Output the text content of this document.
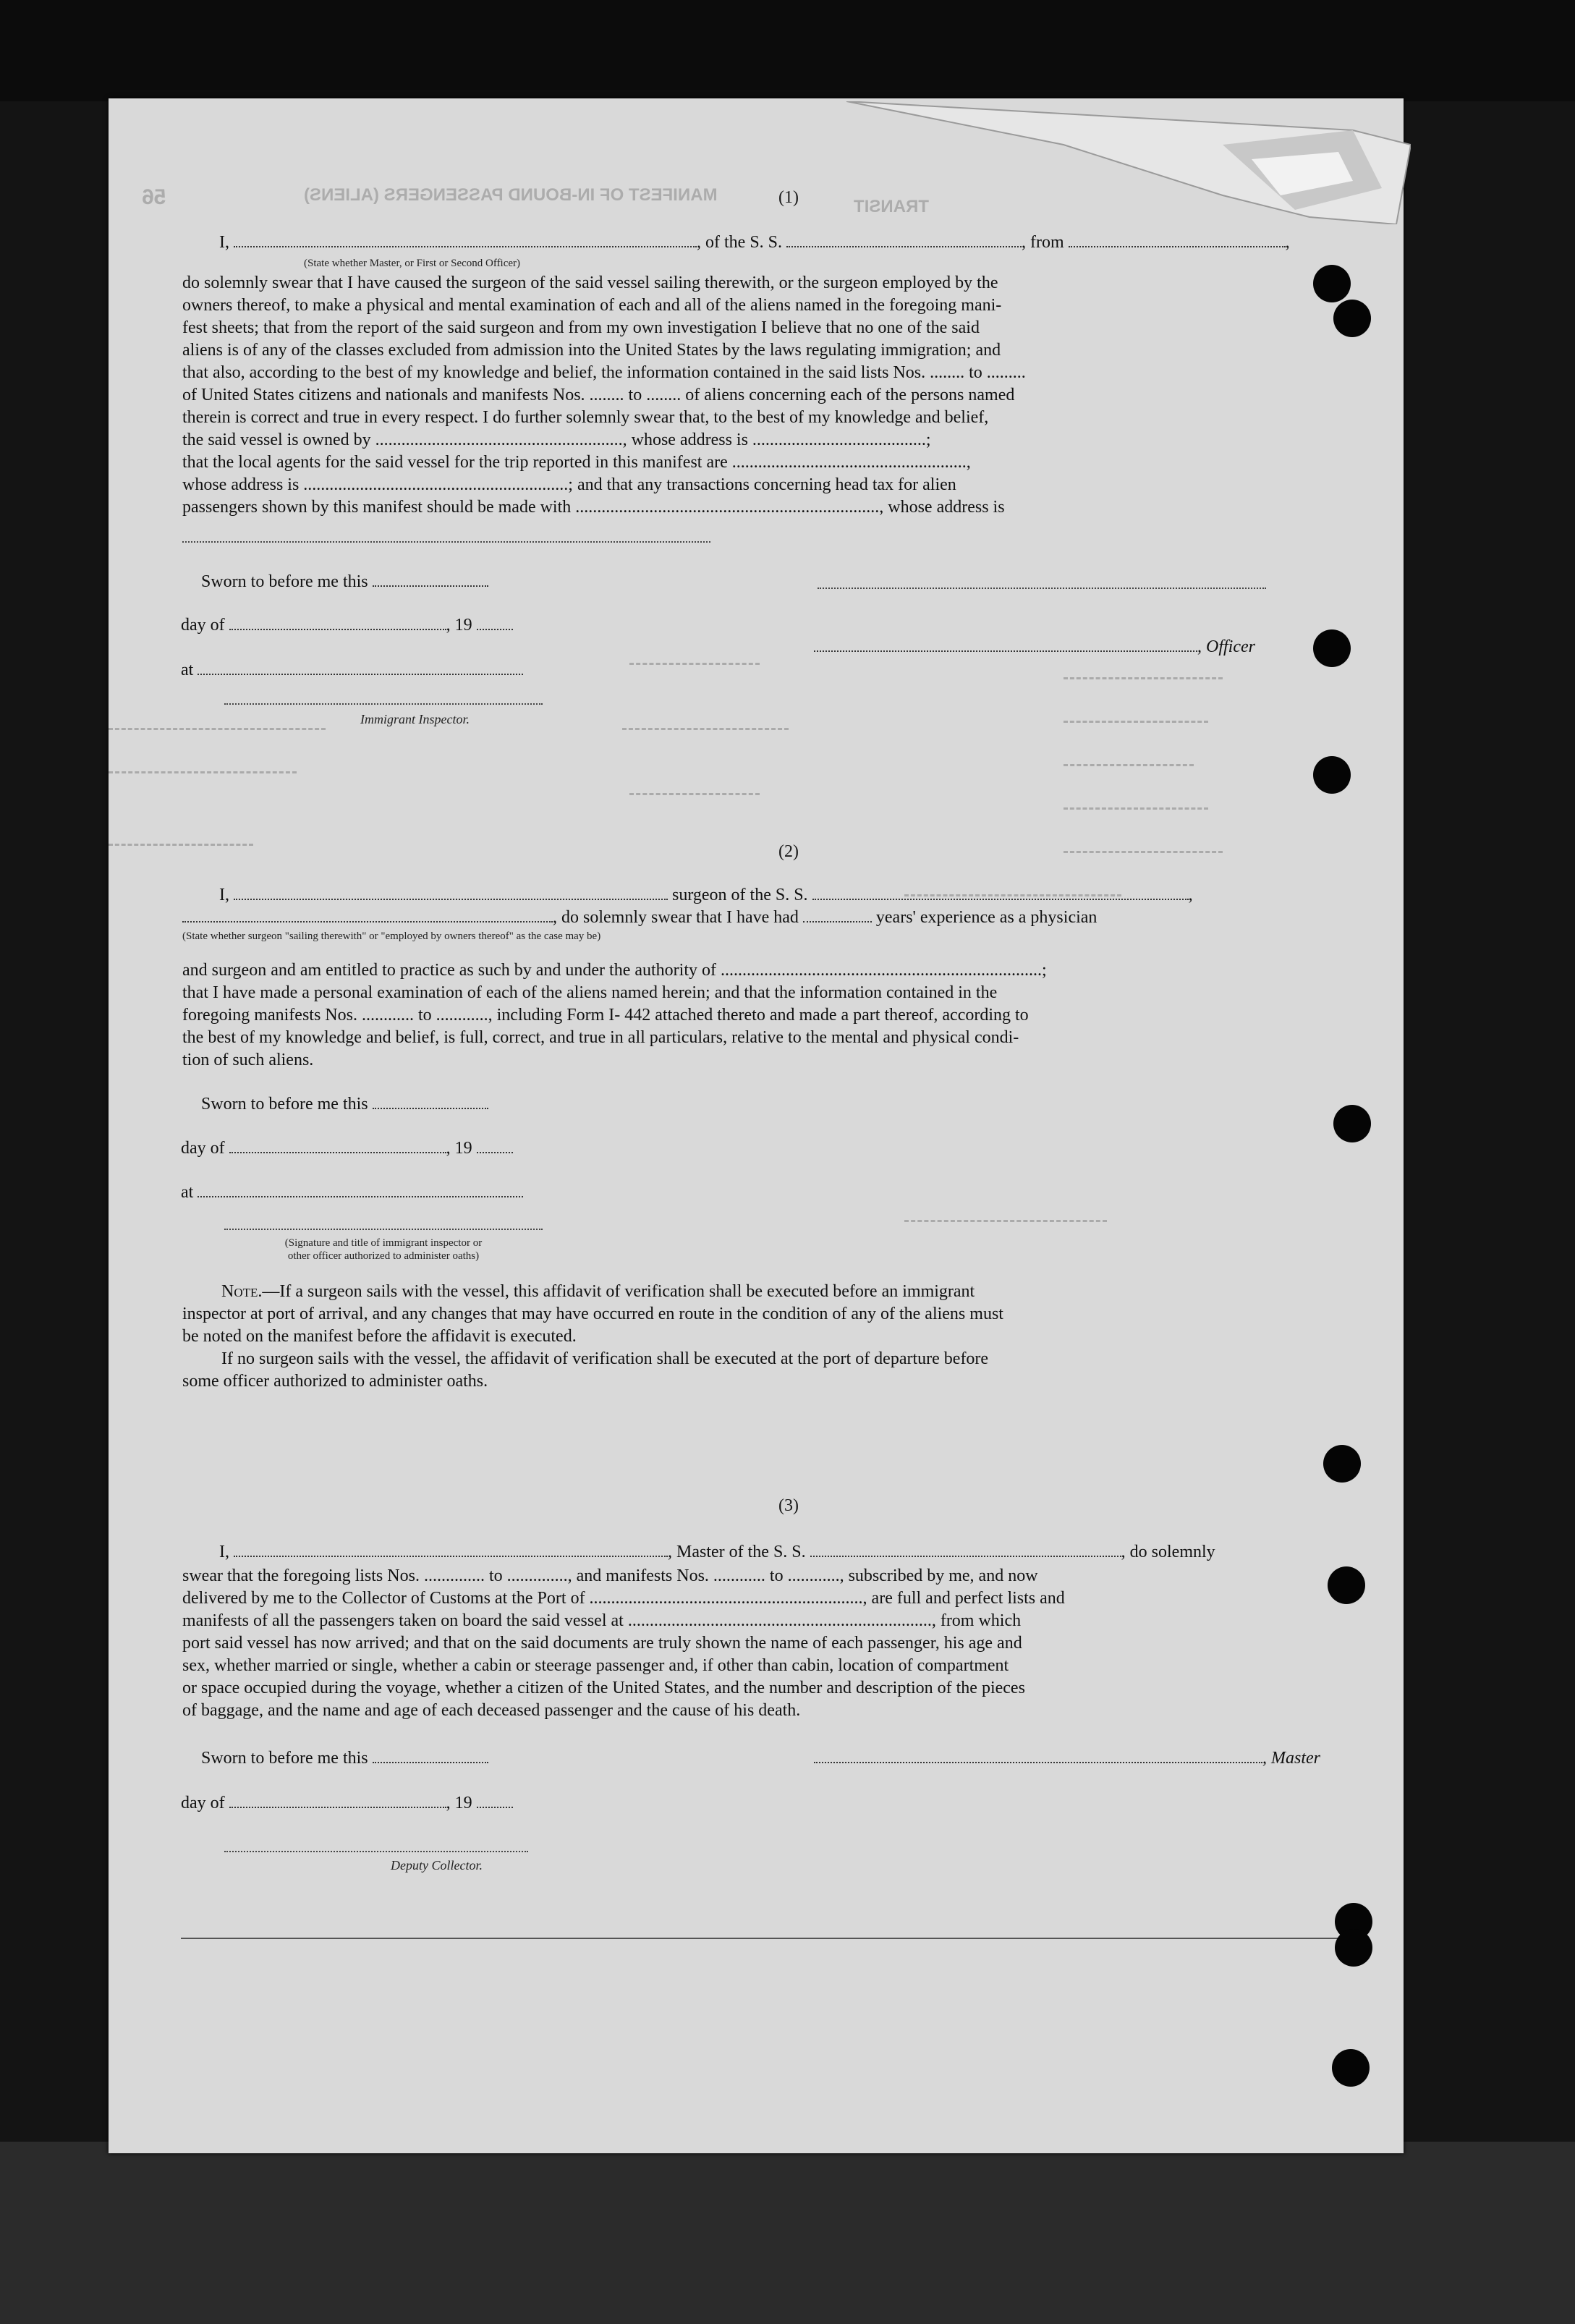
MANIFEST OF IN-BOUND PASSENGERS (ALIENS)
TRANSIT
56	(1)
I,	, of the S. S.	, from	,
(State whether Master, or First or Second Officer)
do solemnly swear that I have caused the surgeon of the said vessel sailing therewith, or the surgeon employed by the
owners thereof, to make a physical and mental examination of each and all of the aliens named in the foregoing mani-
fest sheets; that from the report of the said surgeon and from my own investigation I believe that no one of the said
aliens is of any of the classes excluded from admission into the United States by the laws regulating immigration; and
that also, according to the best of my knowledge and belief, the information contained in the said lists Nos. ........ to .........
of United States citizens and nationals and manifests Nos. ........ to ........ of aliens concerning each of the persons named
therein is correct and true in every respect. I do further solemnly swear that, to the best of my knowledge and belief,
the said vessel is owned by ........................................................., whose address is ........................................;
that the local agents for the said vessel for the trip reported in this manifest are ......................................................,
whose address is .............................................................; and that any transactions concerning head tax for alien
passengers shown by this manifest should be made with ......................................................................, whose address is
Sworn to before me this
day of	, 19
, Officer
at
Immigrant Inspector.
(2)
I,	surgeon of the S. S.	,
, do solemnly swear that I have had	years' experience as a physician
(State whether surgeon "sailing therewith" or "employed by owners thereof" as the case may be)
and surgeon and am entitled to practice as such by and under the authority of ..........................................................................;
that I have made a personal examination of each of the aliens named herein; and that the information contained in the
foregoing manifests Nos. ............ to ............, including Form I- 442 attached thereto and made a part thereof, according to
the best of my knowledge and belief, is full, correct, and true in all particulars, relative to the mental and physical condi-
tion of such aliens.
Sworn to before me this
day of	, 19
at
(Signature and title of immigrant inspector or
other officer authorized to administer oaths)
Note.—If a surgeon sails with the vessel, this affidavit of verification shall be executed before an immigrant
inspector at port of arrival, and any changes that may have occurred en route in the condition of any of the aliens must
be noted on the manifest before the affidavit is executed.
If no surgeon sails with the vessel, the affidavit of verification shall be executed at the port of departure before
some officer authorized to administer oaths.
(3)
I,	, Master of the S. S.	, do solemnly
swear that the foregoing lists Nos. .............. to .............., and manifests Nos. ............ to ............, subscribed by me, and now
delivered by me to the Collector of Customs at the Port of ..............................................................., are full and perfect lists and
manifests of all the passengers taken on board the said vessel at ......................................................................, from which
port said vessel has now arrived; and that on the said documents are truly shown the name of each passenger, his age and
sex, whether married or single, whether a cabin or steerage passenger and, if other than cabin, location of compartment
or space occupied during the voyage, whether a citizen of the United States, and the number and description of the pieces
of baggage, and the name and age of each deceased passenger and the cause of his death.
Sworn to before me this	, Master
day of	, 19
Deputy Collector.
